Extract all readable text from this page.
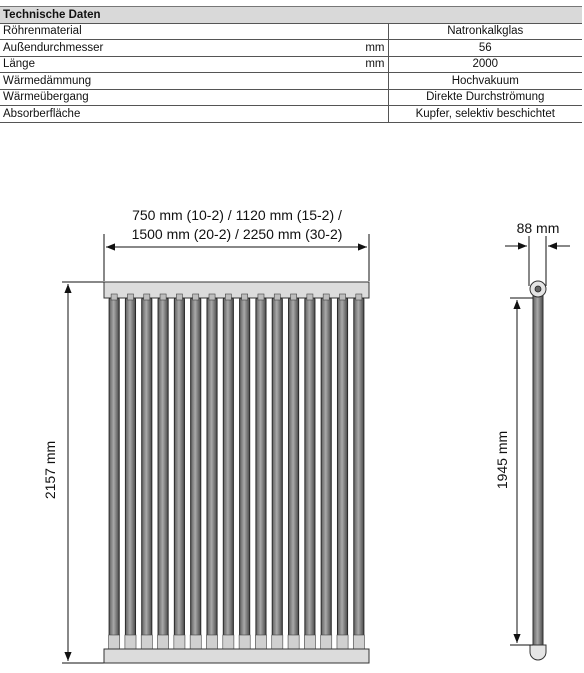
Technische Daten		
Röhrenmaterial		Natronkalkglas
Außendurchmesser	mm	56
Länge	mm	2000
Wärmedämmung		Hochvakuum
Wärmeübergang		Direkte Durchströmung
Absorberfläche		Kupfer, selektiv beschichtet
750 mm (10-2) / 1120 mm (15-2) /
1500 mm (20-2) / 2250 mm (30-2)
2157 mm
88 mm
1945 mm
